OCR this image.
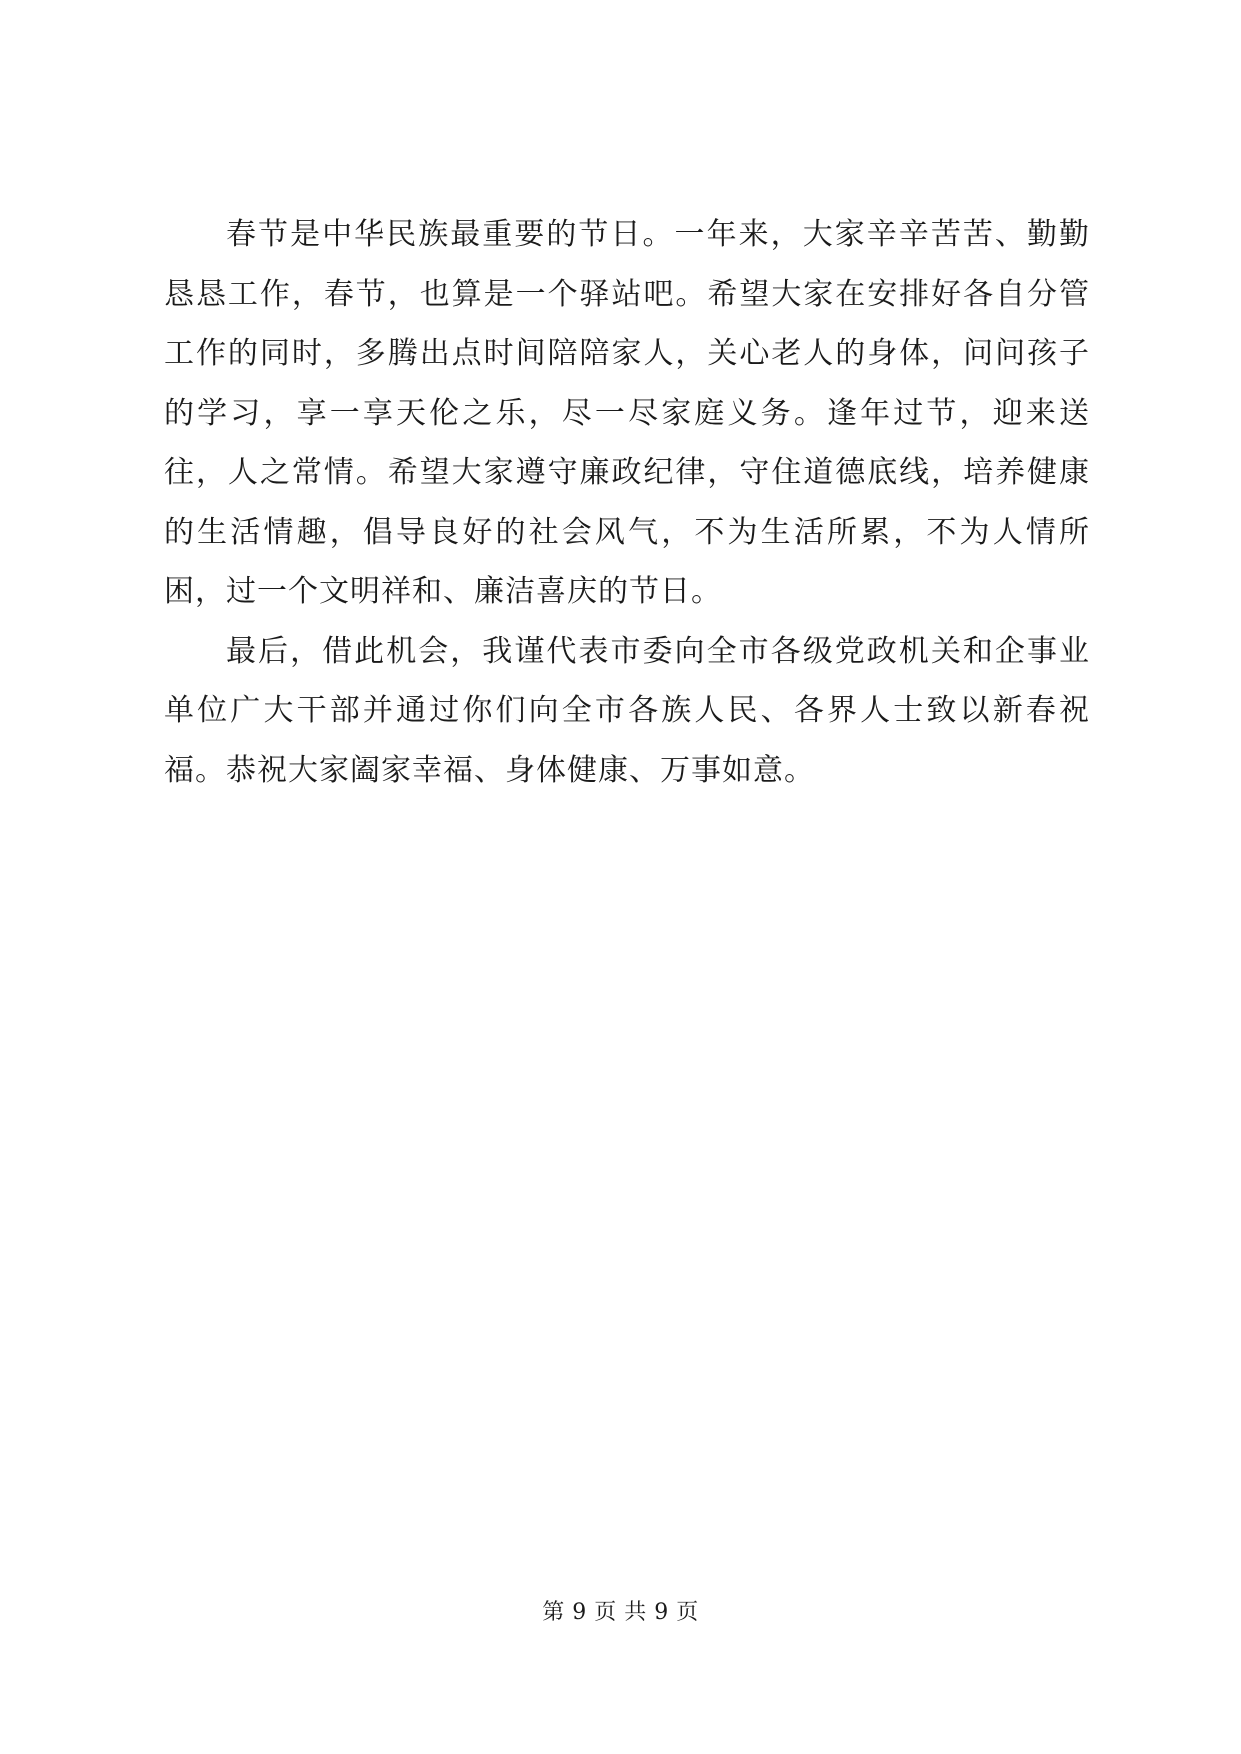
春节是中华民族最重要的节日。一年来，大家辛辛苦苦、勤勤恳恳工作，春节，也算是一个驿站吧。希望大家在安排好各自分管工作的同时，多腾出点时间陪陪家人，关心老人的身体，问问孩子的学习，享一享天伦之乐，尽一尽家庭义务。逢年过节，迎来送往，人之常情。希望大家遵守廉政纪律，守住道德底线，培养健康的生活情趣，倡导良好的社会风气，不为生活所累，不为人情所困，过一个文明祥和、廉洁喜庆的节日。

最后，借此机会，我谨代表市委向全市各级党政机关和企事业单位广大干部并通过你们向全市各族人民、各界人士致以新春祝福。恭祝大家阖家幸福、身体健康、万事如意。

第 9 页 共 9 页
